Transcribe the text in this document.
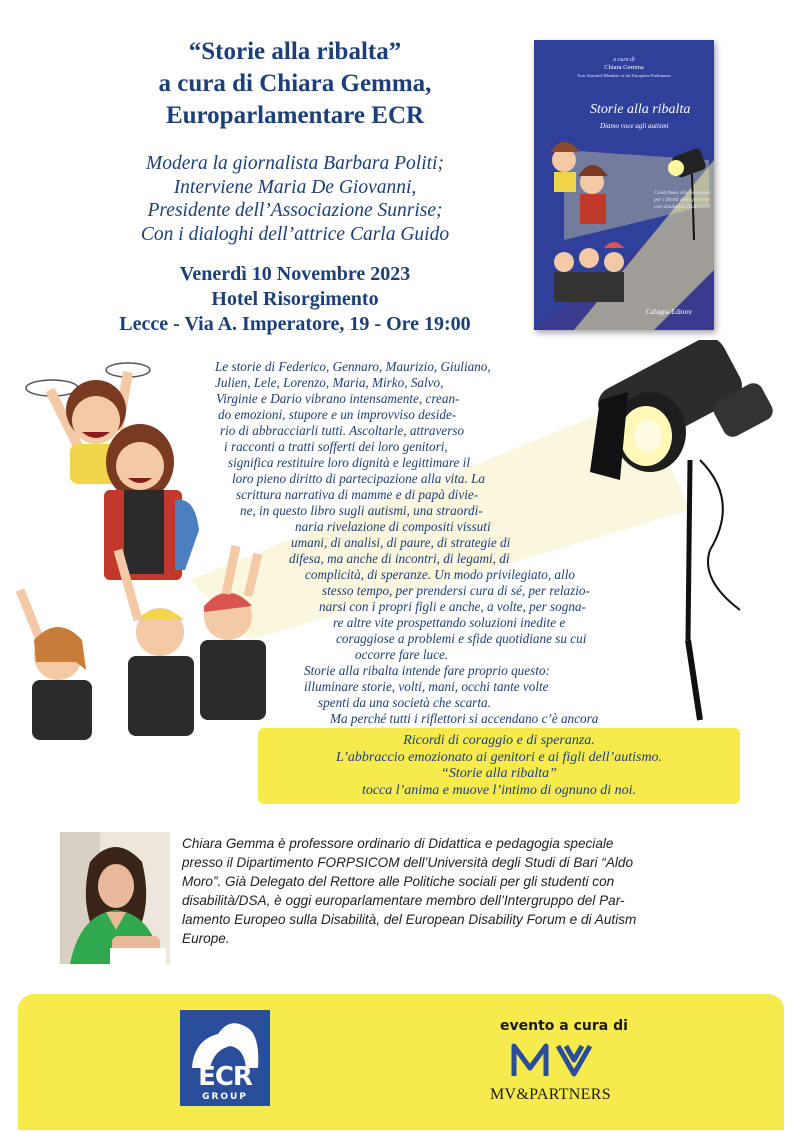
“Storie alla ribalta”
a cura di Chiara Gemma,
Europarlamentare ECR
Modera la giornalista Barbara Politi;
Interviene Maria De Giovanni,
Presidente dell’Associazione Sunrise;
Con i dialoghi dell’attrice Carla Guido
Venerdì 10 Novembre 2023
Hotel Risorgimento
Lecce - Via A. Imperatore, 19 - Ore 19:00
a cura di
Chiara Gemma
Non Attached Member of the European Parliament
Storie alla ribalta
Diamo voce agli autismi
Contributo alla Strategia per i diritti delle persone con disabilità 2021-2030
Cafagna Editore
Le storie di Federico, Gennaro, Maurizio, Giuliano,
Julien, Lele, Lorenzo, Maria, Mirko, Salvo,
Virginie e Dario vibrano intensamente, crean-
do emozioni, stupore e un improvviso deside-
rio di abbracciarli tutti. Ascoltarle, attraverso
i racconti a tratti sofferti dei loro genitori,
significa restituire loro dignità e legittimare il
loro pieno diritto di partecipazione alla vita. La
scrittura narrativa di mamme e di papà divie-
ne, in questo libro sugli autismi, una straordi-
naria rivelazione di compositi vissuti
umani, di analisi, di paure, di strategie di
difesa, ma anche di incontri, di legami, di
complicità, di speranze. Un modo privilegiato, allo
stesso tempo, per prendersi cura di sé, per relazio-
narsi con i propri figli e anche, a volte, per sogna-
re altre vite prospettando soluzioni inedite e
coraggiose a problemi e sfide quotidiane su cui
occorre fare luce.
Storie alla ribalta intende fare proprio questo:
illuminare storie, volti, mani, occhi tante volte
spenti da una società che scarta.
Ma perché tutti i riflettori si accendano c’è ancora
Ricordi di coraggio e di speranza.
L’abbraccio emozionato ai genitori e ai figli dell’autismo.
“Storie alla ribalta”
tocca l’anima e muove l’intimo di ognuno di noi.
Chiara Gemma è professore ordinario di Didattica e pedagogia speciale
presso il Dipartimento FORPSICOM dell’Università degli Studi di Bari “Aldo
Moro”. Già Delegato del Rettore alle Politiche sociali per gli studenti con
disabilità/DSA, è oggi europarlamentare membro dell’Intergruppo del Par-
lamento Europeo sulla Disabilità, del European Disability Forum e di Autism
Europe.
ECR
GROUP
evento a cura di
MV
MV&PARTNERS
